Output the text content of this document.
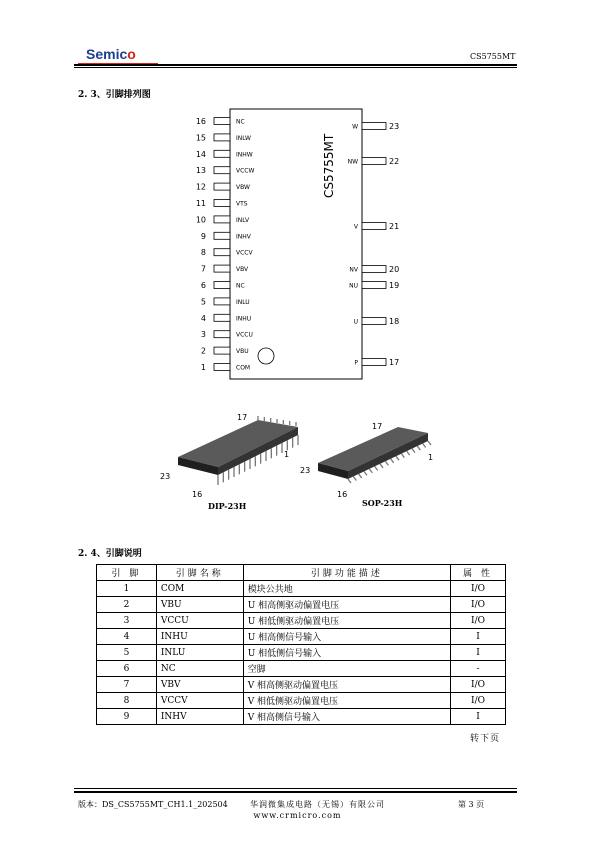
Semico	CS5755MT
2. 3、引脚排列图
CS5755MT
16	NC
15	INLW
14	INHW
13	VCCW
12	VBW
11	VTS
10	INLV
9	INHV
8	VCCV
7	VBV
6	NC
5	INLU
4	INHU
3	VCCU
2	VBU
1	COM
23
W
22
NW
21
V
20
NV
19
NU
18
U
17
P
17
1
23
16
DIP-23H
17
1
23
16
SOP-23H
2. 4、引脚说明
引 脚	引脚名称	引脚功能描述	属 性
1	COM	模块公共地	I/O
2	VBU	U 相高侧驱动偏置电压	I/O
3	VCCU	U 相低侧驱动偏置电压	I/O
4	INHU	U 相高侧信号输入	I
5	INLU	U 相低侧信号输入	I
6	NC	空脚	-
7	VBV	V 相高侧驱动偏置电压	I/O
8	VCCV	V 相低侧驱动偏置电压	I/O
9	INHV	V 相高侧信号输入	I
转下页
版本：DS_CS5755MT_CH1.1_202504	华润微集成电路（无锡）有限公司	第 3 页
www.crmicro.com
